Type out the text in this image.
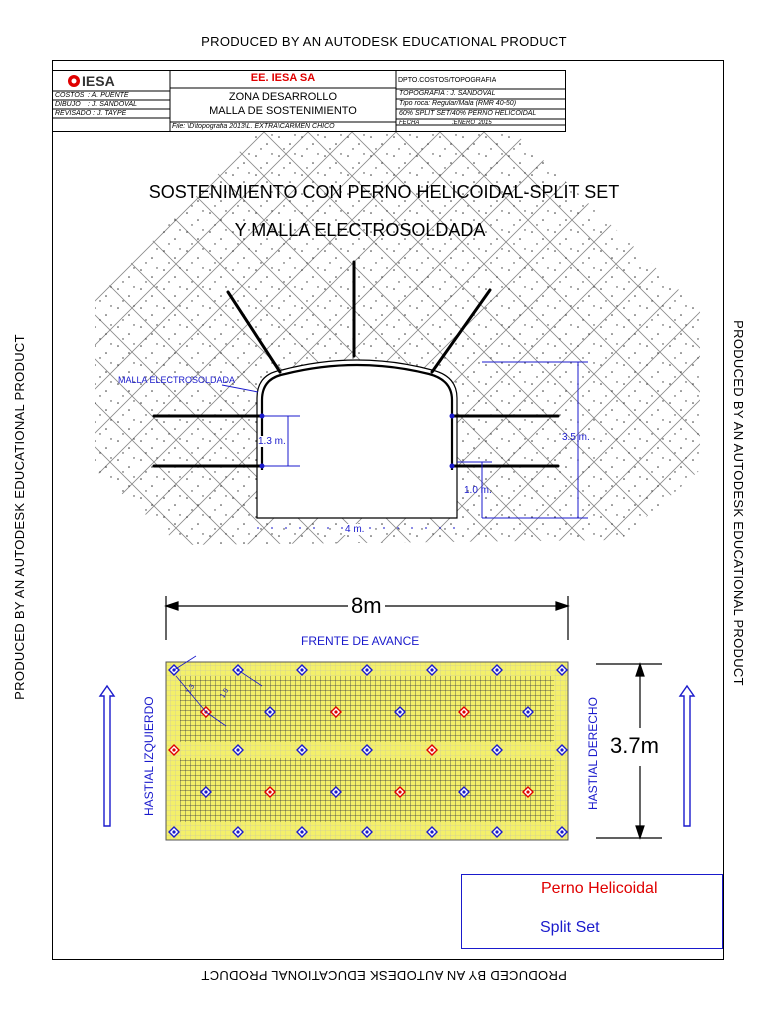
PRODUCED BY AN AUTODESK EDUCATIONAL PRODUCT
PRODUCED BY AN AUTODESK EDUCATIONAL PRODUCT
PRODUCED BY AN AUTODESK EDUCATIONAL PRODUCT	PRODUCED BY AN AUTODESK EDUCATIONAL PRODUCT
IESA
COSTOS : A. PUENTE
DIBUJO : J. SANDOVAL
REVISADO : J. TAYPE
EE. IESA SA
ZONA DESARROLLO
MALLA DE SOSTENIMIENTO
File: \D\topografia 2013\L. EXTRA\CARMEN CHICO
DPTO.COSTOS/TOPOGRAFIA
TOPOGRAFIA : J. SANDOVAL
Tipo roca: Regular/Mala (RMR 40-50)
60% SPLIT SET/40% PERNO HELICOIDAL
FECHA	:ENERO_2015
SOSTENIMIENTO CON PERNO HELICOIDAL-SPLIT SET
Y MALLA ELECTROSOLDADA
MALLA ELECTROSOLDADA
1.3 m.	3.5 m.
1.0 m.
4 m.
8m
FRENTE DE AVANCE
3.7m
HASTIAL IZQUIERDO	HASTIAL DERECHO
1.3	1.0
Perno Helicoidal
Split Set
